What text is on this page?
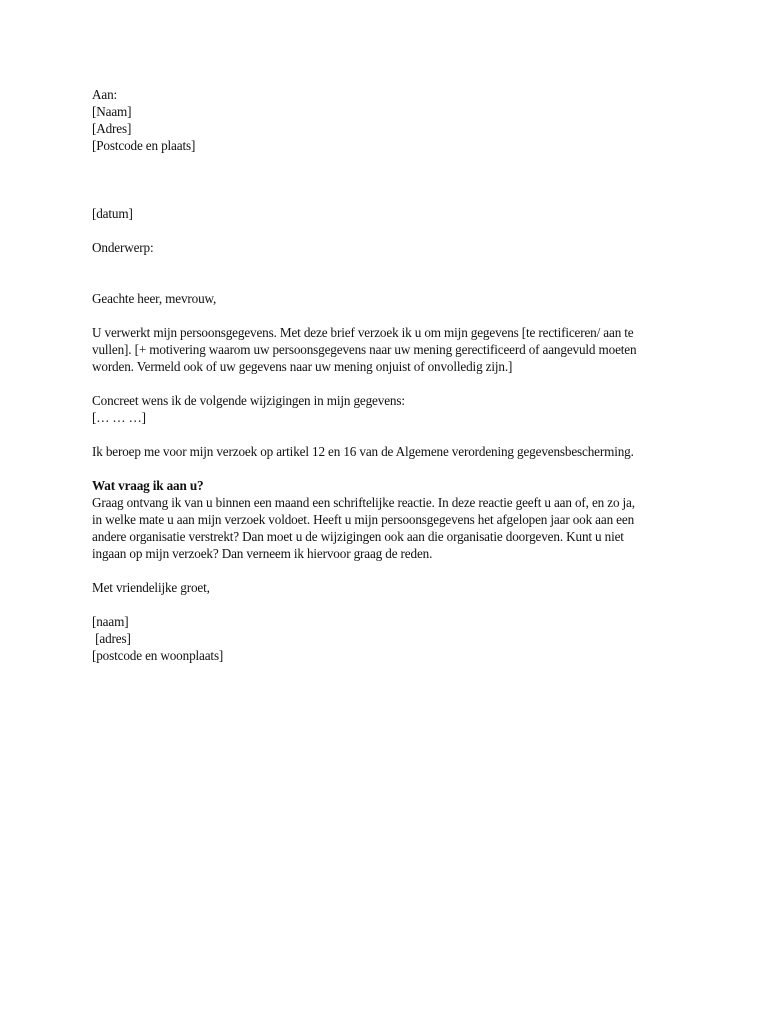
Aan:
[Naam]
[Adres]
[Postcode en plaats]
[datum]
Onderwerp:
Geachte heer, mevrouw,
U verwerkt mijn persoonsgegevens. Met deze brief verzoek ik u om mijn gegevens [te rectificeren/ aan te
vullen]. [+ motivering waarom uw persoonsgegevens naar uw mening gerectificeerd of aangevuld moeten
worden. Vermeld ook of uw gegevens naar uw mening onjuist of onvolledig zijn.]
Concreet wens ik de volgende wijzigingen in mijn gegevens:
[… … …]
Ik beroep me voor mijn verzoek op artikel 12 en 16 van de Algemene verordening gegevensbescherming.
Wat vraag ik aan u?
Graag ontvang ik van u binnen een maand een schriftelijke reactie. In deze reactie geeft u aan of, en zo ja,
in welke mate u aan mijn verzoek voldoet. Heeft u mijn persoonsgegevens het afgelopen jaar ook aan een
andere organisatie verstrekt? Dan moet u de wijzigingen ook aan die organisatie doorgeven. Kunt u niet
ingaan op mijn verzoek? Dan verneem ik hiervoor graag de reden.
Met vriendelijke groet,
[naam]
[adres]
[postcode en woonplaats]
